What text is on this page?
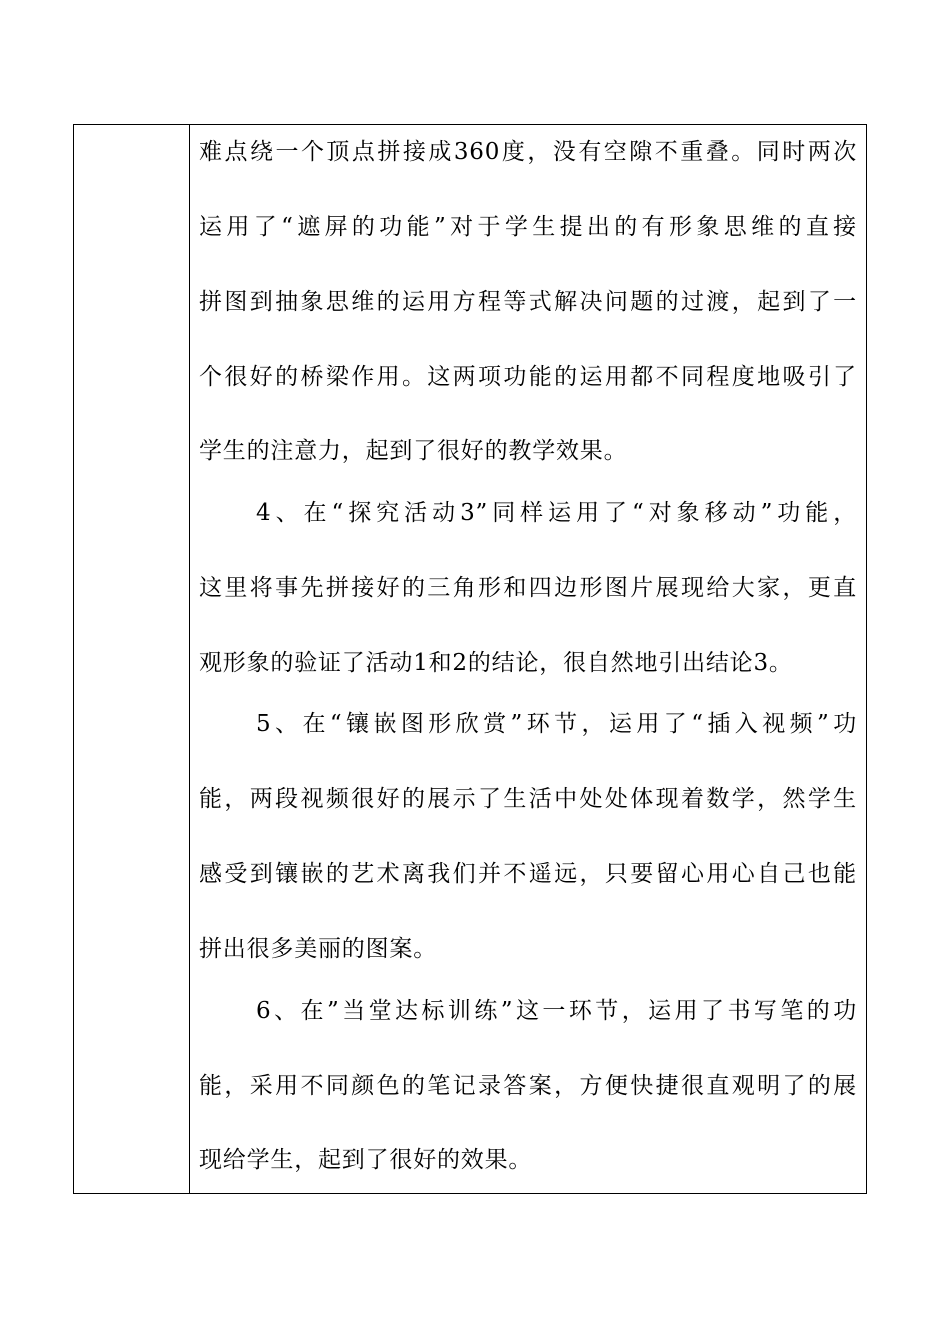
难点绕一个顶点拼接成360度，没有空隙不重叠。同时两次
运用了“遮屏的功能”对于学生提出的有形象思维的直接
拼图到抽象思维的运用方程等式解决问题的过渡，起到了一
个很好的桥梁作用。这两项功能的运用都不同程度地吸引了
学生的注意力，起到了很好的教学效果。
4、在“探究活动3”同样运用了“对象移动”功能，
这里将事先拼接好的三角形和四边形图片展现给大家，更直
观形象的验证了活动1和2的结论，很自然地引出结论3。
5、在“镶嵌图形欣赏”环节，运用了“插入视频”功
能，两段视频很好的展示了生活中处处体现着数学，然学生
感受到镶嵌的艺术离我们并不遥远，只要留心用心自己也能
拼出很多美丽的图案。
6、在”当堂达标训练”这一环节，运用了书写笔的功
能，采用不同颜色的笔记录答案，方便快捷很直观明了的展
现给学生，起到了很好的效果。
